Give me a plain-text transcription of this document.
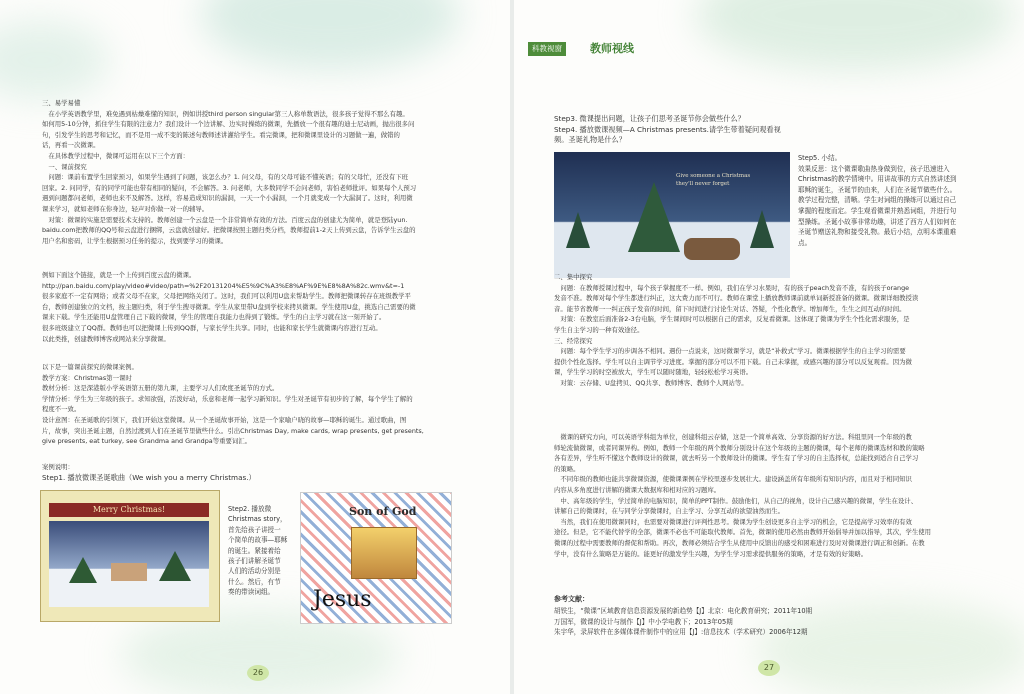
三、易学易懂
　在小学英语教学里，难免遇到枯燥难懂的知识，例如讲授third person singular第三人称单数语法，很多孩子觉得不那么有趣。
如何用5-10分钟，抓住学生有限的注意力？我们设计一个边讲解、边实时操练的微课，先播放一个很有趣的迪士尼动画，抛出很多问
句，引发学生的思考和记忆，而不是用一成不变的陈述句教师述讲灌给学生。看完微课，把和微课里设计的习题做一遍，做错的
话，再看一次微课。
　在具体教学过程中，微课可运用在以下三个方面：
　一、课前探究
　问题：课前布置学生回家预习，如果学生遇到了问题，该怎么办？1. 问父母，有的父母可能不懂英语；有的父母忙，还没有下班
回家。2. 问同学，有的同学可能也带有相同的疑问，不会解答。3. 问老师，大多数同学不会问老师，害怕老师批评。如果每个人预习
遇到问题都问老师，老师也来不及解答。这样，容易造成知识的漏洞，一天一个小漏洞，一个月就变成一个大漏洞了。这时，利用微
课来学习，就如老师在你身边，轻声对你做一对一的辅导。
　对策：微课的实施是需要技术支持的。教师创建一个云盘是一个非常简单有效的方法。百度云盘的创建尤为简单，就是登陆yun.
baidu.com把教师的QQ号和云盘进行捆绑，云盘就创建好。把微课按照主题归类分档，教师提前1-2天上传到云盘，告诉学生云盘的
用户名和密码，让学生根据预习任务的提示，找到要学习的微课。

例如下面这个链接，就是一个上传到百度云盘的微课。
http://pan.baidu.com/play/video#video/path=%2F20131204%E5%9C%A3%E8%AF%9E%E8%8A%82c.wmv&t=-1
很多家庭不一定有网络；或者父母不在家，父母把网络关闭了。这时，我们可以利用U盘来帮助学生。教师把微课转存在班级教学平
台，教师创建独立的文档，按主题归类，利于学生搜寻微课。学生从家里带U盘到学校来拷贝微课。学生使用U盘，挑选自己需要的微
课来下载。学生还能用U盘管理自己下载的微课，学生的管理自我能力也得到了锻炼。学生的自主学习就在这一刻开始了。
很多班级建立了QQ群。教师也可以把微课上传到QQ群，与家长学生共享。同时，也能和家长学生就微课内容进行互动。
以此类推，创建教师博客或网站来分享微课。

以下是一篇课前探究的微课案例。
教学方案：Christmas第一课时
教材分析：这是深港版小学英语第五册的第九课，主要学习人们欢度圣诞节的方式。
学情分析：学生为三年级的孩子。求知欲强，活泼好动，乐意和老师一起学习新知识。学生对圣诞节有初步的了解，每个学生了解的
程度不一致。
设计意图：在圣诞歌的引领下，我们开始这堂微课。从一个圣诞故事开始，这是一个家喻户晓的故事—耶稣的诞生。通过歌曲，图
片，故事，突出圣诞主题，自然过渡到人们在圣诞节里做些什么。引出Christmas Day, make cards, wrap presents, get presents,
give presents, eat turkey, see Grandma and Grandpa等重要词汇。

案例说明：

Step1. 播放微课圣诞歌曲（We wish you a merry Christmas.）

Merry Christmas!	Step2. 播放微
Christmas story，
首先给孩子讲授一
个简单的故事—耶稣
的诞生。紧接着给
孩子们讲解圣诞节
人们的活动分别是
什么。然后，有节
奏的带读词组。

Son of God
Jesus
26
科教视窗	教师视线

Step3. 微课提出问题，让孩子们思考圣诞节你会做些什么？
Step4. 播放微课视频—A Christmas presents.请学生带着疑问观看视
频。圣诞礼物是什么？

Give someone a Christmas
they'll never forget

Step5. 小结。
效果反思：这个微课歌曲热身做到位，孩子迅速进入
Christmas的教学情境中。用讲故事的方式自然讲述到
耶稣的诞生，圣诞节的由来，人们在圣诞节做些什么。
教学过程完整，清晰。学生对词组的操练可以通过自己
掌握的程度而定。学生观看微课并熟悉词组，并进行句
型操练。圣诞小故事非常幼趣，讲述了西方人们如何在
圣诞节赠送礼物和接受礼物。最后小结，点明本课重难
点。

二、集中探究
　问题：在教师授课过程中，每个孩子掌握度不一样。例如，我们在学习水果时，有的孩子peach发音不准，有的孩子orange
发音不准。教师对每个学生都进行纠正，这大费力而不可行。教师在课堂上播放教师课前就单词新授准备的微课。微课详细教授读
音。能节省教师一一纠正孩子发音的时间，留下时间进行讨论生对话、答疑，个性化教学。增加师生，生生之间互动的时间。
　对策：在教室后面准备2-3台电脑，学生课间时可以根据自己的需求，反复看微课。这体现了微课为学生个性化需求服务，是
学生自主学习的一种有效途径。
三、经常探究
　问题：每个学生学习的步调各不相同。遇份一点说来，这时微课学习，就是“补救式”学习。微课根据学生的自主学习的需要
提供个性化选择。学生可以自主调节学习进度。掌握的部分可以不用下载。自己未掌握，或感兴趣的部分可以反复观看。因为微
课，学生学习的时空被放大，学生可以随时随地，轻轻松松学习英语。
　对策：云存储、U盘拷贝、QQ共享、教师博客、教师个人网站等。

　微课的研究方向，可以英语学科组为单位，创建科组云存储，这是一个简单高效、分享资源的好方法。科组里同一个年级的教
师轮流做微课，或者同课异构。例如，教师一个年级的两个教师分别设计在这个年级的主题的微课，每个老师的微课选材和教的策略
各有差异，学生听不懂这个教师设计的微课，就去听另一个教师设计的微课。学生有了学习的自主选择权，总能找到适合自己学习
的策略。
　不同年级的教师也能共享微课资源，使微课课例在学校里逐步发展壮大。建设涵盖所有年级所有知识内容，而且对于相同知识
内容从多角度进行讲解的微课大数据库和相对应的习题库。
　中、高年级的学生，学过简单的电脑知识，简单的PPT制作。鼓励他们，从自己的视角，设计自己感兴趣的微课，学生在设计、
讲解自己的微课时，在与同学分享微课时，自主学习、分享互动的欲望油然而生。
　当然，我们在使用微课同时，也需要对微课进行评判性思考。微课为学生创设更多自主学习的机会，它是提高学习效率的有效
途径。但是，它不能代替学的全部，微课不必也不可能取代教师。首先，微课的使用必然由教师开始倡导并加以指导，其次，学生使用
微课的过程中需要教师的督促和帮助。再次，教师必须结合学生从使用中反馈出的感受和困难进行及时对微课进行调正和创新。在教
学中，没有什么策略是万能的。能更好的激发学生兴趣，为学生学习需求提供服务的策略，才是有效的好策略。

参考文献：

胡铁生，“微课”区域教育信息资源发展的新趋势【J】北京：电化教育研究；2011年10期
万国军，微课的设计与制作【J】中小学电教下；2013年05期
朱宇华，录屏软件在多媒体课件制作中的应用【J】:信息技术（学术研究）2006年12期

27
